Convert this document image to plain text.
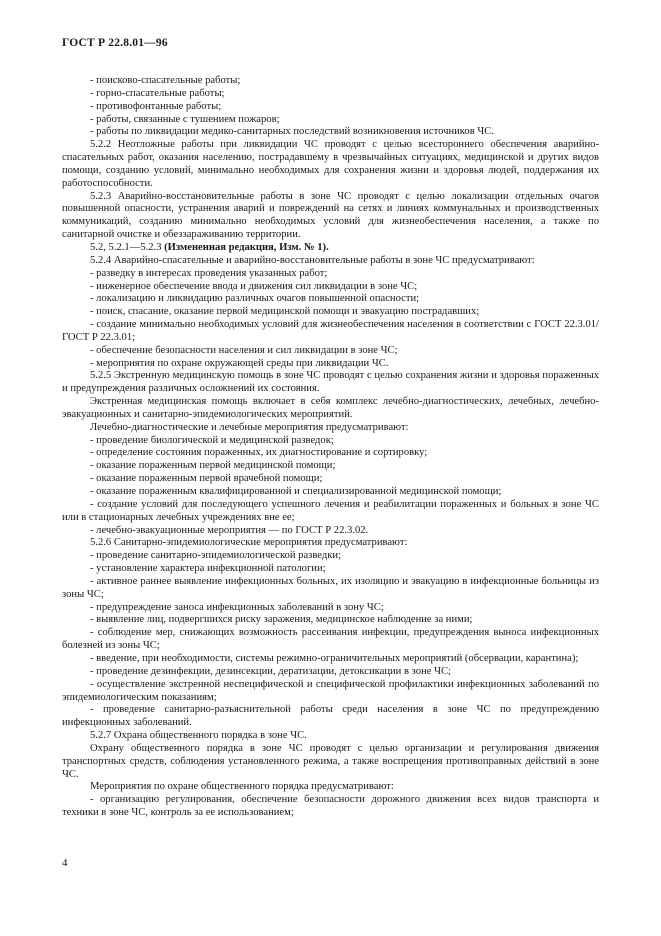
ГОСТ Р 22.8.01—96

- поисково-спасательные работы;

- горно-спасательные работы;

- противофонтанные работы;

- работы, связанные с тушением пожаров;

- работы по ликвидации медико-санитарных последствий возникновения источников ЧС.

5.2.2 Неотложные работы при ликвидации ЧС проводят с целью всестороннего обеспечения аварийно-спасательных работ, оказания населению, пострадавшему в чрезвычайных ситуациях, медицинской и других видов помощи, созданию условий, минимально необходимых для сохранения жизни и здоровья людей, поддержания их работоспособности.

5.2.3 Аварийно-восстановительные работы в зоне ЧС проводят с целью локализации отдельных очагов повышенной опасности, устранения аварий и повреждений на сетях и линиях коммунальных и производственных коммуникаций, созданию минимально необходимых условий для жизнеобеспечения населения, а также по санитарной очистке и обеззараживанию территории.

5.2, 5.2.1—5.2.3 (Измененная редакция, Изм. № 1).

5.2.4 Аварийно-спасательные и аварийно-восстановительные работы в зоне ЧС предусматривают:

- разведку в интересах проведения указанных работ;

- инженерное обеспечение ввода и движения сил ликвидации в зоне ЧС;

- локализацию и ликвидацию различных очагов повышенной опасности;

- поиск, спасание, оказание первой медицинской помощи и эвакуацию пострадавших;

- создание минимально необходимых условий для жизнеобеспечения населения в соответствии с ГОСТ 22.3.01/ГОСТ Р 22.3.01;

- обеспечение безопасности населения и сил ликвидации в зоне ЧС;

- мероприятия по охране окружающей среды при ликвидации ЧС.

5.2.5 Экстренную медицинскую помощь в зоне ЧС проводят с целью сохранения жизни и здоровья пораженных и предупреждения различных осложнений их состояния.

Экстренная медицинская помощь включает в себя комплекс лечебно-диагностических, лечебных, лечебно-эвакуационных и санитарно-эпидемиологических мероприятий.

Лечебно-диагностические и лечебные мероприятия предусматривают:

- проведение биологической и медицинской разведок;

- определение состояния пораженных, их диагностирование и сортировку;

- оказание пораженным первой медицинской помощи;

- оказание пораженным первой врачебной помощи;

- оказание пораженным квалифицированной и специализированной медицинской помощи;

- создание условий для последующего успешного лечения и реабилитации пораженных и больных в зоне ЧС или в стационарных лечебных учреждениях вне ее;

- лечебно-эвакуационные мероприятия — по ГОСТ Р 22.3.02.

5.2.6 Санитарно-эпидемиологические мероприятия предусматривают:

- проведение санитарно-эпидемиологической разведки;

- установление характера инфекционной патологии;

- активное раннее выявление инфекционных больных, их изоляцию и эвакуацию в инфекционные больницы из зоны ЧС;

- предупреждение заноса инфекционных заболеваний в зону ЧС;

- выявление лиц, подвергшихся риску заражения, медицинское наблюдение за ними;

- соблюдение мер, снижающих возможность рассеивания инфекции, предупреждения выноса инфекционных болезней из зоны ЧС;

- введение, при необходимости, системы режимно-ограничительных мероприятий (обсервации, карантина);

- проведение дезинфекции, дезинсекции, дератизации, детоксикации в зоне ЧС;

- осуществление экстренной неспецифической и специфической профилактики инфекционных заболеваний по эпидемиологическим показаниям;

- проведение санитарно-разъяснительной работы среди населения в зоне ЧС по предупреждению инфекционных заболеваний.

5.2.7 Охрана общественного порядка в зоне ЧС.

Охрану общественного порядка в зоне ЧС проводят с целью организации и регулирования движения транспортных средств, соблюдения установленного режима, а также воспрещения противоправных действий в зоне ЧС.

Мероприятия по охране общественного порядка предусматривают:

- организацию регулирования, обеспечение безопасности дорожного движения всех видов транспорта и техники в зоне ЧС, контроль за ее использованием;

4
